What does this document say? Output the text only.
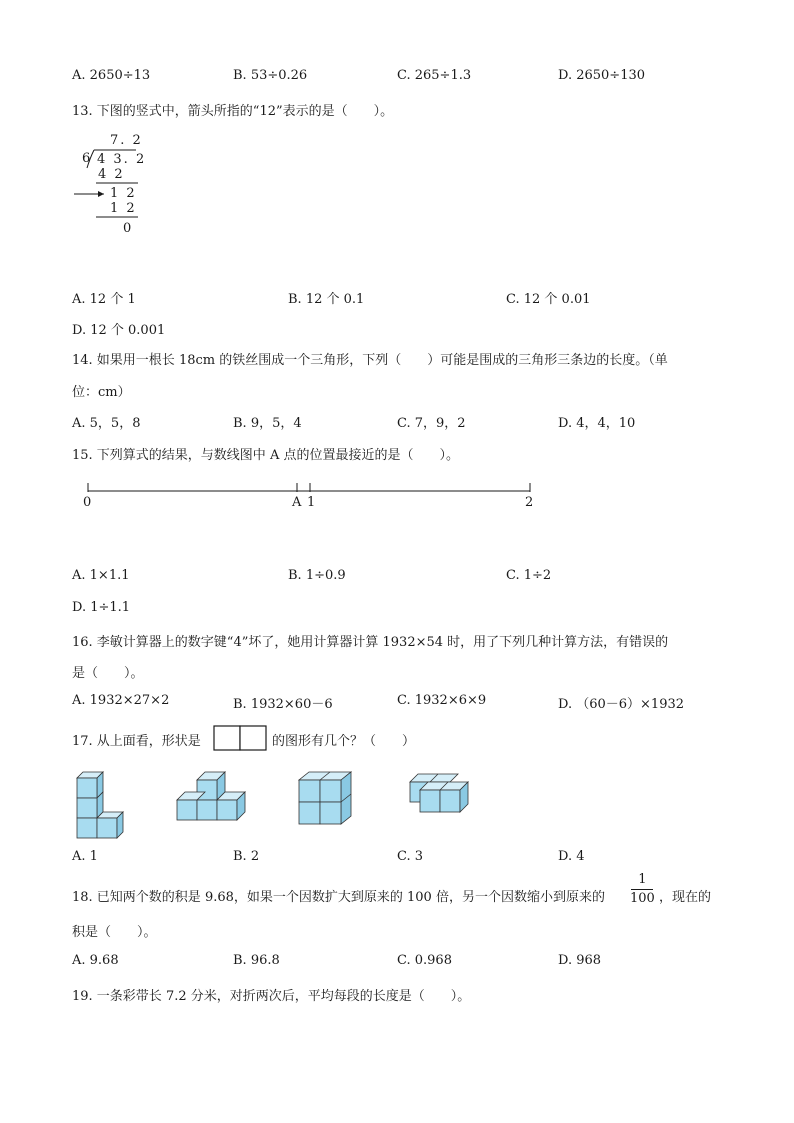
A. 2650÷13	B. 53÷0.26	C. 265÷1.3	D. 2650÷130
13. 下图的竖式中，箭头所指的“12”表示的是（　　）。
7. 2
6 4 3. 2
4 2
1 2
1 2
0
A. 12 个 1	B. 12 个 0.1	C. 12 个 0.01
D. 12 个 0.001
14. 如果用一根长 18cm 的铁丝围成一个三角形，下列（　　）可能是围成的三角形三条边的长度。（单
位：cm）
A. 5，5，8	B. 9，5，4	C. 7，9，2	D. 4，4，10
15. 下列算式的结果，与数线图中 A 点的位置最接近的是（　　）。
0	A 1	2
A. 1×1.1	B. 1÷0.9	C. 1÷2
D. 1÷1.1
16. 李敏计算器上的数字键“4”坏了，她用计算器计算 1932×54 时，用了下列几种计算方法，有错误的
是（　　）。
A. 1932×27×2	B. 1932×60－6	C. 1932×6×9	D. （60－6）×1932
17. 从上面看，形状是	的图形有几个？（　　）
A. 1	B. 2	C. 3	D. 4
18. 已知两个数的积是 9.68，如果一个因数扩大到原来的 100 倍，另一个因数缩小到原来的
1
100 ，现在的
积是（　　）。
A. 9.68	B. 96.8	C. 0.968	D. 968
19. 一条彩带长 7.2 分米，对折两次后，平均每段的长度是（　　）。
